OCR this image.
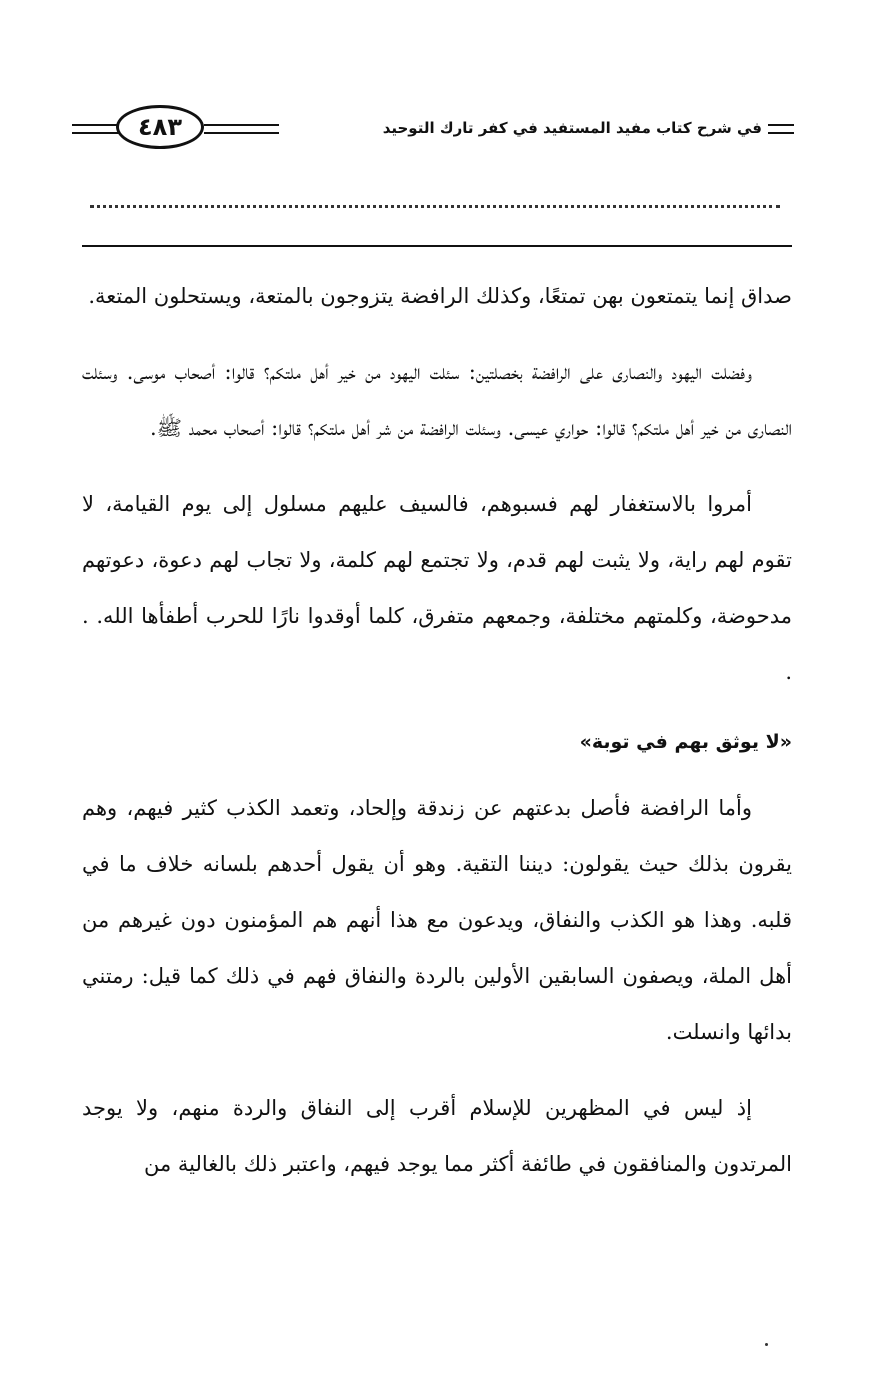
في شرح كتاب مفيد المستفيد في كفر تارك التوحيد
٤٨٣

صداق إنما يتمتعون بهن تمتعًا، وكذلك الرافضة يتزوجون بالمتعة، ويستحلون المتعة.

وفضلت اليهود والنصارى على الرافضة بخصلتين: سئلت اليهود من خير أهل ملتكم؟ قالوا: أصحاب موسى. وسئلت النصارى من خير أهل ملتكم؟ قالوا: حواري عيسى. وسئلت الرافضة من شر أهل ملتكم؟ قالوا: أصحاب محمد ﷺ.

أمروا بالاستغفار لهم فسبوهم، فالسيف عليهم مسلول إلى يوم القيامة، لا تقوم لهم راية، ولا يثبت لهم قدم، ولا تجتمع لهم كلمة، ولا تجاب لهم دعوة، دعوتهم مدحوضة، وكلمتهم مختلفة، وجمعهم متفرق، كلما أوقدوا نارًا للحرب أطفأها الله. . .

«لا يوثق بهم في توبة»

وأما الرافضة فأصل بدعتهم عن زندقة وإلحاد، وتعمد الكذب كثير فيهم، وهم يقرون بذلك حيث يقولون: ديننا التقية. وهو أن يقول أحدهم بلسانه خلاف ما في قلبه. وهذا هو الكذب والنفاق، ويدعون مع هذا أنهم هم المؤمنون دون غيرهم من أهل الملة، ويصفون السابقين الأولين بالردة والنفاق فهم في ذلك كما قيل: رمتني بدائها وانسلت.

إذ ليس في المظهرين للإسلام أقرب إلى النفاق والردة منهم، ولا يوجد المرتدون والمنافقون في طائفة أكثر مما يوجد فيهم، واعتبر ذلك بالغالية من
